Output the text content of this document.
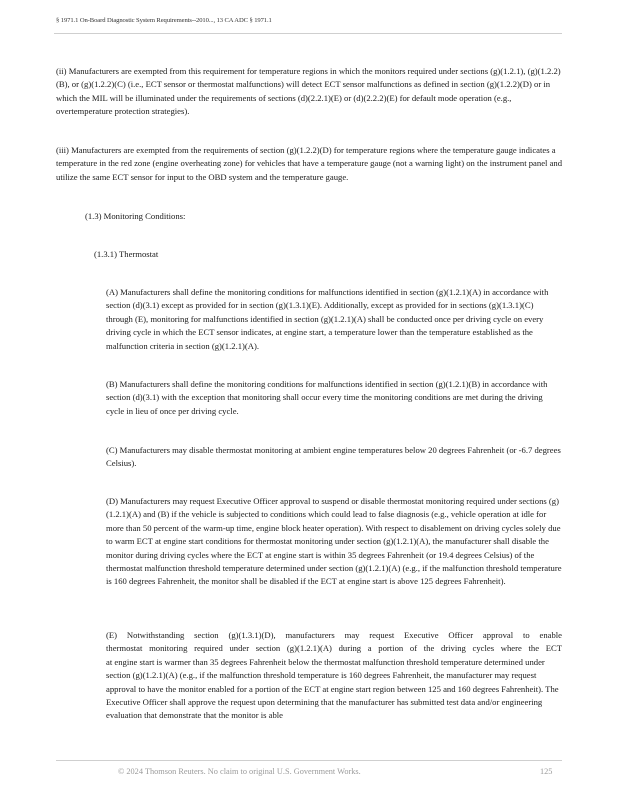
§ 1971.1 On-Board Diagnostic System Requirements--2010..., 13 CA ADC § 1971.1

(ii) Manufacturers are exempted from this requirement for temperature regions in which the monitors required under sections (g)(1.2.1), (g)(1.2.2)(B), or (g)(1.2.2)(C) (i.e., ECT sensor or thermostat malfunctions) will detect ECT sensor malfunctions as defined in section (g)(1.2.2)(D) or in which the MIL will be illuminated under the requirements of sections (d)(2.2.1)(E) or (d)(2.2.2)(E) for default mode operation (e.g., overtemperature protection strategies).

(iii) Manufacturers are exempted from the requirements of section (g)(1.2.2)(D) for temperature regions where the temperature gauge indicates a temperature in the red zone (engine overheating zone) for vehicles that have a temperature gauge (not a warning light) on the instrument panel and utilize the same ECT sensor for input to the OBD system and the temperature gauge.

(1.3) Monitoring Conditions:

(1.3.1) Thermostat

(A) Manufacturers shall define the monitoring conditions for malfunctions identified in section (g)(1.2.1)(A) in accordance with section (d)(3.1) except as provided for in section (g)(1.3.1)(E). Additionally, except as provided for in sections (g)(1.3.1)(C) through (E), monitoring for malfunctions identified in section (g)(1.2.1)(A) shall be conducted once per driving cycle on every driving cycle in which the ECT sensor indicates, at engine start, a temperature lower than the temperature established as the malfunction criteria in section (g)(1.2.1)(A).

(B) Manufacturers shall define the monitoring conditions for malfunctions identified in section (g)(1.2.1)(B) in accordance with section (d)(3.1) with the exception that monitoring shall occur every time the monitoring conditions are met during the driving cycle in lieu of once per driving cycle.

(C) Manufacturers may disable thermostat monitoring at ambient engine temperatures below 20 degrees Fahrenheit (or -6.7 degrees Celsius).

(D) Manufacturers may request Executive Officer approval to suspend or disable thermostat monitoring required under sections (g)(1.2.1)(A) and (B) if the vehicle is subjected to conditions which could lead to false diagnosis (e.g., vehicle operation at idle for more than 50 percent of the warm-up time, engine block heater operation). With respect to disablement on driving cycles solely due to warm ECT at engine start conditions for thermostat monitoring under section (g)(1.2.1)(A), the manufacturer shall disable the monitor during driving cycles where the ECT at engine start is within 35 degrees Fahrenheit (or 19.4 degrees Celsius) of the thermostat malfunction threshold temperature determined under section (g)(1.2.1)(A) (e.g., if the malfunction threshold temperature is 160 degrees Fahrenheit, the monitor shall be disabled if the ECT at engine start is above 125 degrees Fahrenheit).

(E) Notwithstanding section (g)(1.3.1)(D), manufacturers may request Executive Officer approval to enable
thermostat monitoring required under section (g)(1.2.1)(A) during a portion of the driving cycles where the ECT
at engine start is warmer than 35 degrees Fahrenheit below the thermostat malfunction threshold temperature determined under section (g)(1.2.1)(A) (e.g., if the malfunction threshold temperature is 160 degrees Fahrenheit, the manufacturer may request approval to have the monitor enabled for a portion of the ECT at engine start region between 125 and 160 degrees Fahrenheit). The Executive Officer shall approve the request upon determining that the manufacturer has submitted test data and/or engineering evaluation that demonstrate that the monitor is able
© 2024 Thomson Reuters. No claim to original U.S. Government Works.	125
